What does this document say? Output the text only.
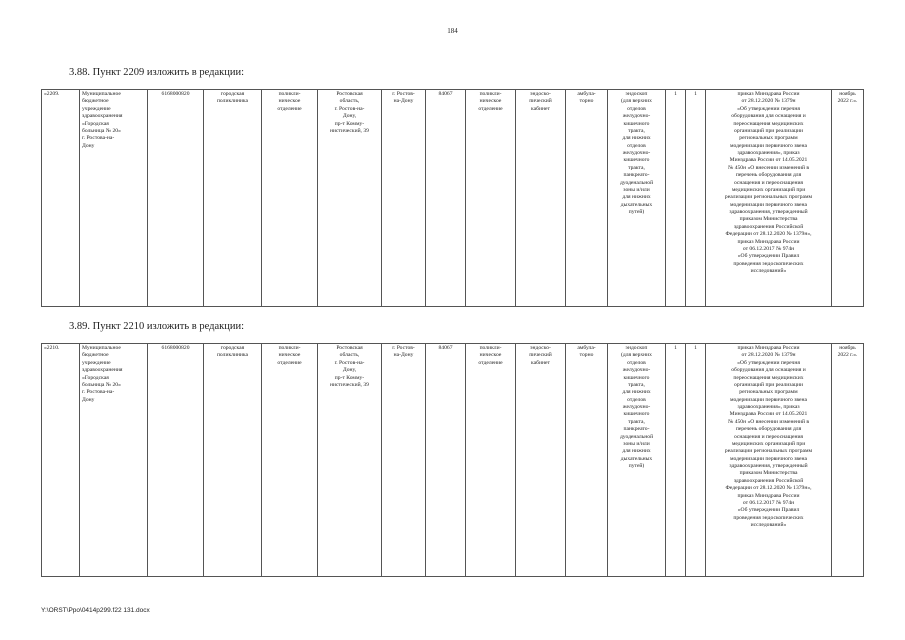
184
3.88. Пункт 2209 изложить в редакции:
«2209.	Муниципальное
бюджетное
учреждение
здравоохранения
«Городская
больница № 20»
г. Ростова-на-
Дону	6168000820	городская
поликлиника	поликли-
ническое
отделение	Ростовская
область,
г. Ростов-на-
Дону,
пр-т Комму-
нистический, 39	г. Ростов-
на-Дону	84067	поликли-
ническое
отделение	эндоско-
пический
кабинет	амбула-
торно	эндоскоп
(для верхних
отделов
желудочно-
кишечного
тракта,
для нижних
отделов
желудочно-
кишечного
тракта,
панкреато-
дуоденальной
зоны и/или
для нижних
дыхательных
путей)	1	1	приказ Минздрава России
от 28.12.2020 № 1379н
«Об утверждении перечня
оборудования для оснащения и
переоснащения медицинских
организаций при реализации
региональных программ
модернизации первичного звена
здравоохранения», приказ
Минздрава России от 14.05.2021
№ 450н «О внесении изменений в
перечень оборудования для
оснащения и переоснащения
медицинских организаций при
реализации региональных программ
модернизации первичного звена
здравоохранения, утвержденный
приказом Министерства
здравоохранения Российской
Федерации от 28.12.2020 № 1379н»,
приказ Минздрава России
от 06.12.2017 № 974н
«Об утверждении Правил
проведения эндоскопических
исследований»	ноябрь
2022 г.».
3.89. Пункт 2210 изложить в редакции:
«2210.	Муниципальное
бюджетное
учреждение
здравоохранения
«Городская
больница № 20»
г. Ростова-на-
Дону	6168000820	городская
поликлиника	поликли-
ническое
отделение	Ростовская
область,
г. Ростов-на-
Дону,
пр-т Комму-
нистический, 39	г. Ростов-
на-Дону	84067	поликли-
ническое
отделение	эндоско-
пический
кабинет	амбула-
торно	эндоскоп
(для верхних
отделов
желудочно-
кишечного
тракта,
для нижних
отделов
желудочно-
кишечного
тракта,
панкреато-
дуоденальной
зоны и/или
для нижних
дыхательных
путей)	1	1	приказ Минздрава России
от 28.12.2020 № 1379н
«Об утверждении перечня
оборудования для оснащения и
переоснащения медицинских
организаций при реализации
региональных программ
модернизации первичного звена
здравоохранения», приказ
Минздрава России от 14.05.2021
№ 450н «О внесении изменений в
перечень оборудования для
оснащения и переоснащения
медицинских организаций при
реализации региональных программ
модернизации первичного звена
здравоохранения, утвержденный
приказом Министерства
здравоохранения Российской
Федерации от 28.12.2020 № 1379н»,
приказ Минздрава России
от 06.12.2017 № 974н
«Об утверждении Правил
проведения эндоскопических
исследований»	ноябрь
2022 г.».
Y:\ORST\Ppo\0414p299.f22 131.docx
